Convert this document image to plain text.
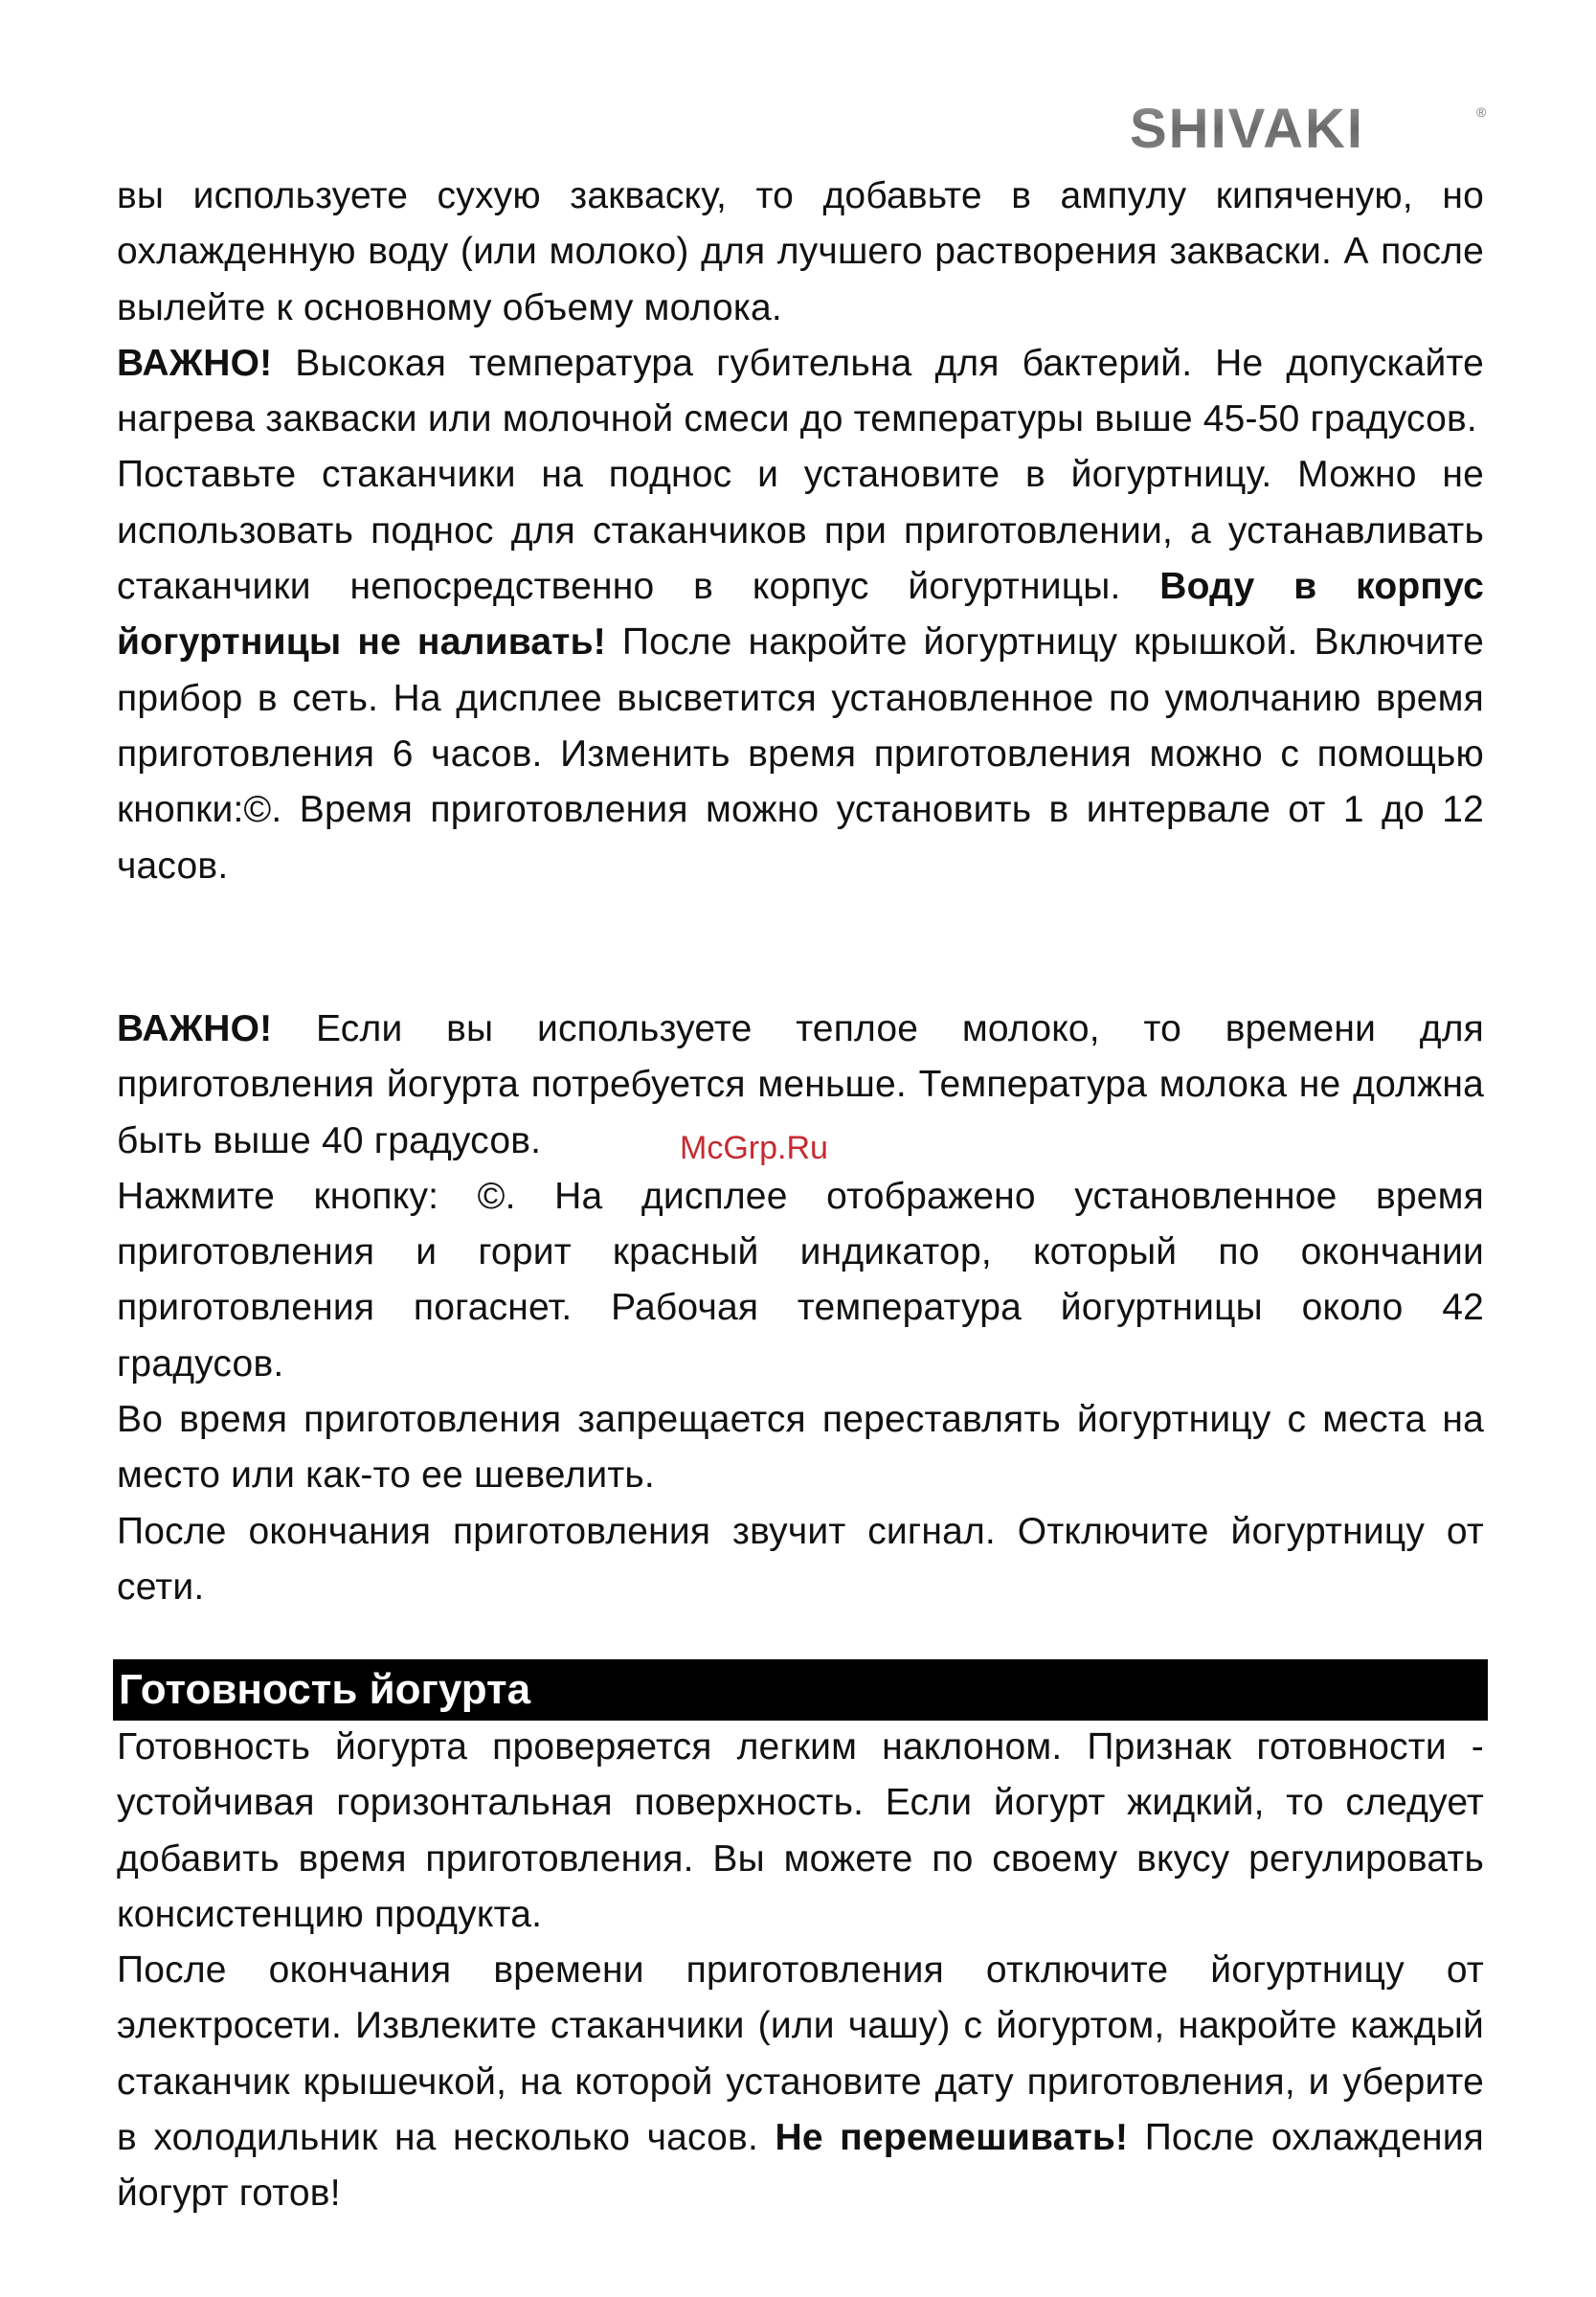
SHIVAKI	®

вы используете сухую закваску, то добавьте в ампулу кипяченую, но охлажденную воду (или молоко) для лучшего растворения закваски. А после вылейте к основному объему молока.

ВАЖНО! Высокая температура губительна для бактерий. Не допускайте нагрева закваски или молочной смеси до температуры выше 45-50 градусов.

Поставьте стаканчики на поднос и установите в йогуртницу. Можно не использовать поднос для стаканчиков при приготовлении, а устанавливать стаканчики непосредственно в корпус йогуртницы. Воду в корпус йогуртницы не наливать! После накройте йогуртницу крышкой. Включите прибор в сеть. На дисплее высветится установленное по умолчанию время приготовления 6 часов. Изменить время приготовления можно с помощью кнопки:©. Время приготовления можно установить в интервале от 1 до 12 часов.

ВАЖНО! Если вы используете теплое молоко, то времени для приготовления йогурта потребуется меньше. Температура молока не должна быть выше 40 градусов.

Нажмите кнопку: ©. На дисплее отображено установленное время приготовления и горит красный индикатор, который по окончании приготовления погаснет. Рабочая температура йогуртницы около 42 градусов.

Во время приготовления запрещается переставлять йогуртницу с места на место или как-то ее шевелить.

После окончания приготовления звучит сигнал. Отключите йогуртницу от сети.

McGrp.Ru
Готовность йогурта

Готовность йогурта проверяется легким наклоном. Признак готовности - устойчивая горизонтальная поверхность. Если йогурт жидкий, то следует добавить время приготовления. Вы можете по своему вкусу регулировать консистенцию продукта.

После окончания времени приготовления отключите йогуртницу от электросети. Извлеките стаканчики (или чашу) с йогуртом, накройте каждый стаканчик крышечкой, на которой установите дату приготовления, и уберите в холодильник на несколько часов. Не перемешивать! После охлаждения йогурт готов!
